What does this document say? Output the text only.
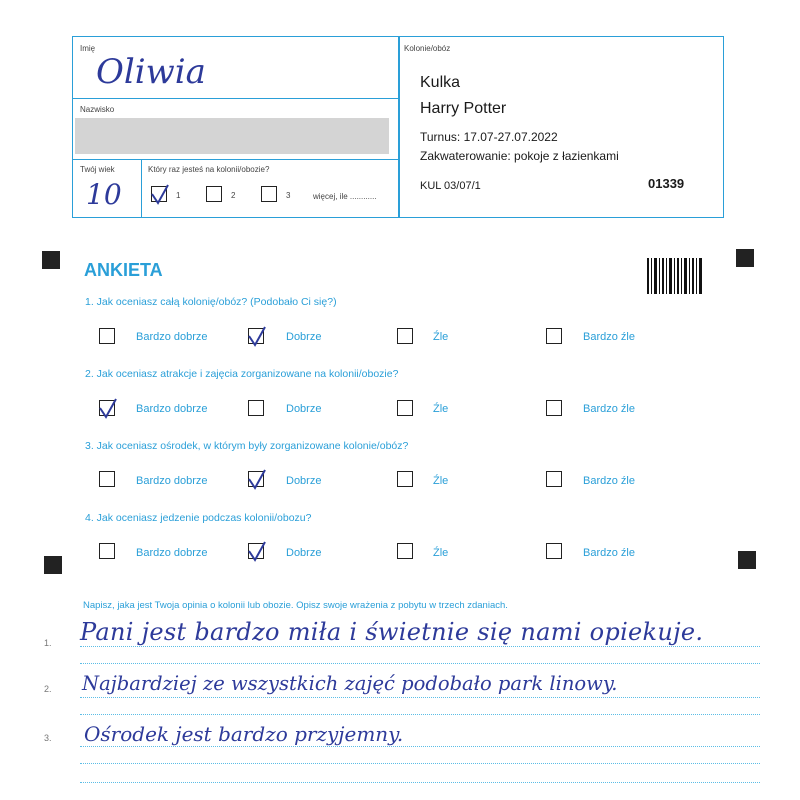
Imię
Oliwia
Nazwisko
Twój wiek
10
Który raz jesteś na kolonii/obozie?
1	2	3	więcej, ile ............
Kolonie/obóz
Kulka
Harry Potter
Turnus: 17.07-27.07.2022
Zakwaterowanie: pokoje z łazienkami
KUL 03/07/1	01339
ANKIETA
1. Jak oceniasz całą kolonię/obóz? (Podobało Ci się?)
Bardzo dobrze	Dobrze	Źle	Bardzo źle
2. Jak oceniasz atrakcje i zajęcia zorganizowane na kolonii/obozie?
Bardzo dobrze	Dobrze	Źle	Bardzo źle
3. Jak oceniasz ośrodek, w którym były zorganizowane kolonie/obóz?
Bardzo dobrze	Dobrze	Źle	Bardzo źle
4. Jak oceniasz jedzenie podczas kolonii/obozu?
Bardzo dobrze	Dobrze	Źle	Bardzo źle
Napisz, jaka jest Twoja opinia o kolonii lub obozie. Opisz swoje wrażenia z pobytu w trzech zdaniach.
1. Pani jest bardzo miła i świetnie się nami opiekuje.
2. Najbardziej ze wszystkich zajęć podobało park linowy.
3. Ośrodek jest bardzo przyjemny.
